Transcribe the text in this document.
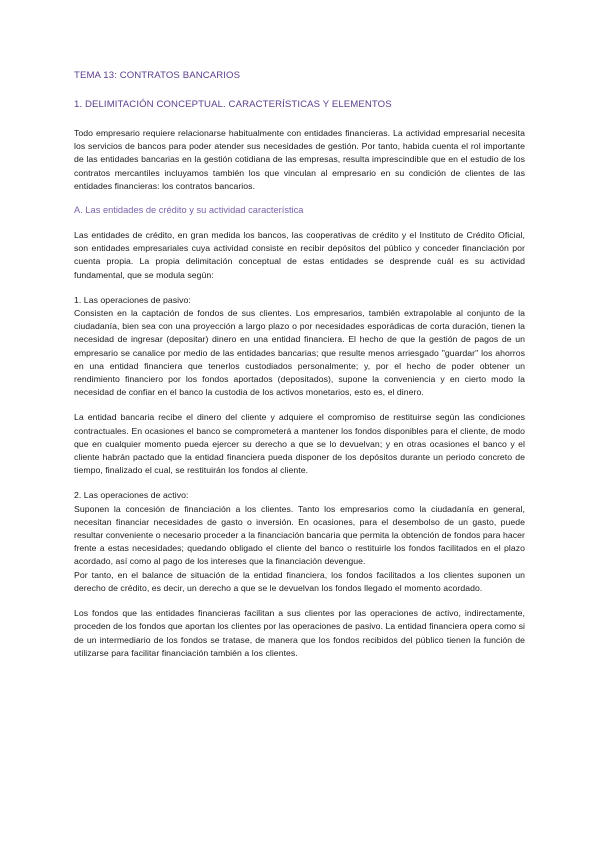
TEMA 13: CONTRATOS BANCARIOS
1. DELIMITACIÓN CONCEPTUAL. CARACTERÍSTICAS Y ELEMENTOS

Todo empresario requiere relacionarse habitualmente con entidades financieras. La actividad empresarial necesita los servicios de bancos para poder atender sus necesidades de gestión. Por tanto, habida cuenta el rol importante de las entidades bancarias en la gestión cotidiana de las empresas, resulta imprescindible que en el estudio de los contratos mercantiles incluyamos también los que vinculan al empresario en su condición de clientes de las entidades financieras: los contratos bancarios.

A. Las entidades de crédito y su actividad característica

Las entidades de crédito, en gran medida los bancos, las cooperativas de crédito y el Instituto de Crédito Oficial, son entidades empresariales cuya actividad consiste en recibir depósitos del público y conceder financiación por cuenta propia. La propia delimitación conceptual de estas entidades se desprende cuál es su actividad fundamental, que se modula según:

1. Las operaciones de pasivo:

Consisten en la captación de fondos de sus clientes. Los empresarios, también extrapolable al conjunto de la ciudadanía, bien sea con una proyección a largo plazo o por necesidades esporádicas de corta duración, tienen la necesidad de ingresar (depositar) dinero en una entidad financiera. El hecho de que la gestión de pagos de un empresario se canalice por medio de las entidades bancarias; que resulte menos arriesgado "guardar" los ahorros en una entidad financiera que tenerlos custodiados personalmente; y, por el hecho de poder obtener un rendimiento financiero por los fondos aportados (depositados), supone la conveniencia y en cierto modo la necesidad de confiar en el banco la custodia de los activos monetarios, esto es, el dinero.

La entidad bancaria recibe el dinero del cliente y adquiere el compromiso de restituirse según las condiciones contractuales. En ocasiones el banco se comprometerá a mantener los fondos disponibles para el cliente, de modo que en cualquier momento pueda ejercer su derecho a que se lo devuelvan; y en otras ocasiones el banco y el cliente habrán pactado que la entidad financiera pueda disponer de los depósitos durante un periodo concreto de tiempo, finalizado el cual, se restituirán los fondos al cliente.

2. Las operaciones de activo:

Suponen la concesión de financiación a los clientes. Tanto los empresarios como la ciudadanía en general, necesitan financiar necesidades de gasto o inversión. En ocasiones, para el desembolso de un gasto, puede resultar conveniente o necesario proceder a la financiación bancaria que permita la obtención de fondos para hacer frente a estas necesidades; quedando obligado el cliente del banco o restituirle los fondos facilitados en el plazo acordado, así como al pago de los intereses que la financiación devengue.

Por tanto, en el balance de situación de la entidad financiera, los fondos facilitados a los clientes suponen un derecho de crédito, es decir, un derecho a que se le devuelvan los fondos llegado el momento acordado.

Los fondos que las entidades financieras facilitan a sus clientes por las operaciones de activo, indirectamente, proceden de los fondos que aportan los clientes por las operaciones de pasivo. La entidad financiera opera como si de un intermediario de los fondos se tratase, de manera que los fondos recibidos del público tienen la función de utilizarse para facilitar financiación también a los clientes.
